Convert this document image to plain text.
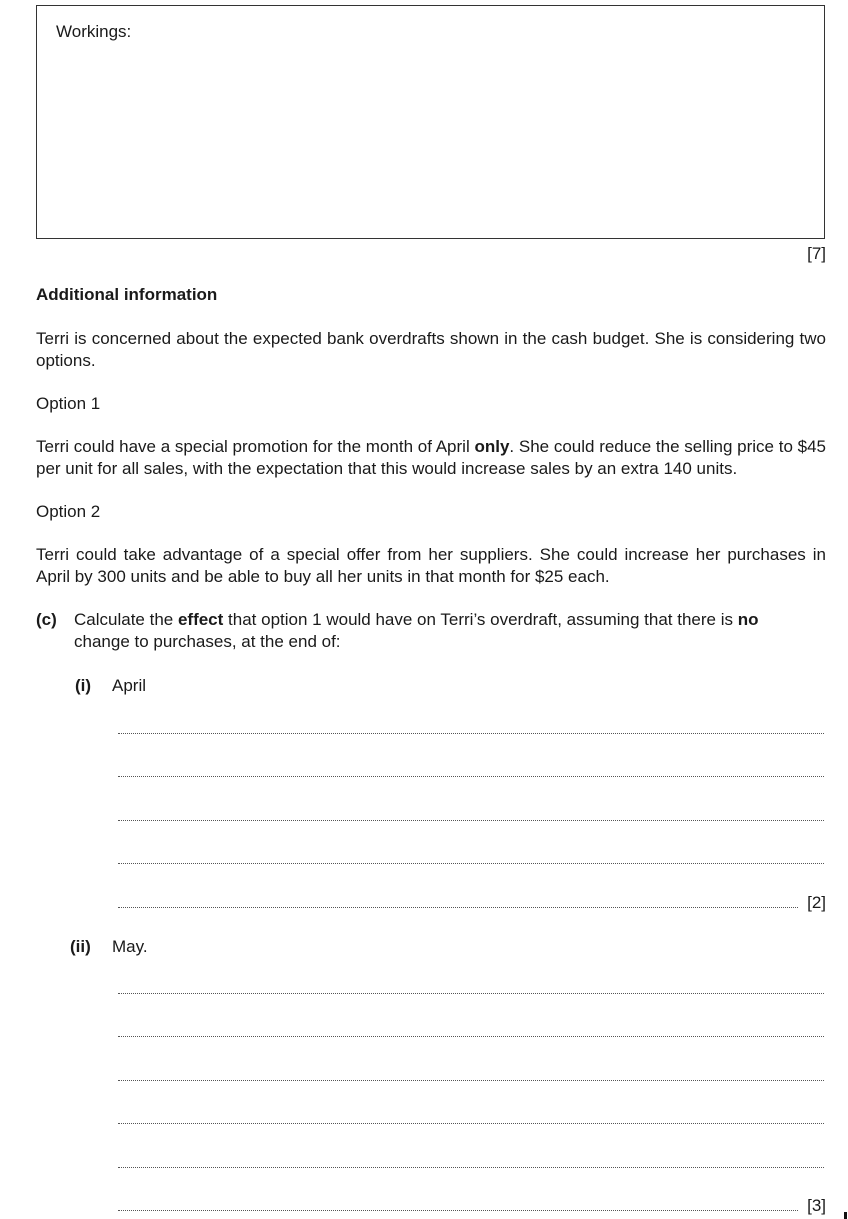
Workings:
[7]
Additional information
Terri is concerned about the expected bank overdrafts shown in the cash budget. She is considering two options.
Option 1
Terri could have a special promotion for the month of April only. She could reduce the selling price to $45 per unit for all sales, with the expectation that this would increase sales by an extra 140 units.
Option 2
Terri could take advantage of a special offer from her suppliers. She could increase her purchases in April by 300 units and be able to buy all her units in that month for $25 each.
(c) Calculate the effect that option 1 would have on Terri’s overdraft, assuming that there is no
change to purchases, at the end of:
(i) April
[2]
(ii) May.
[3]
